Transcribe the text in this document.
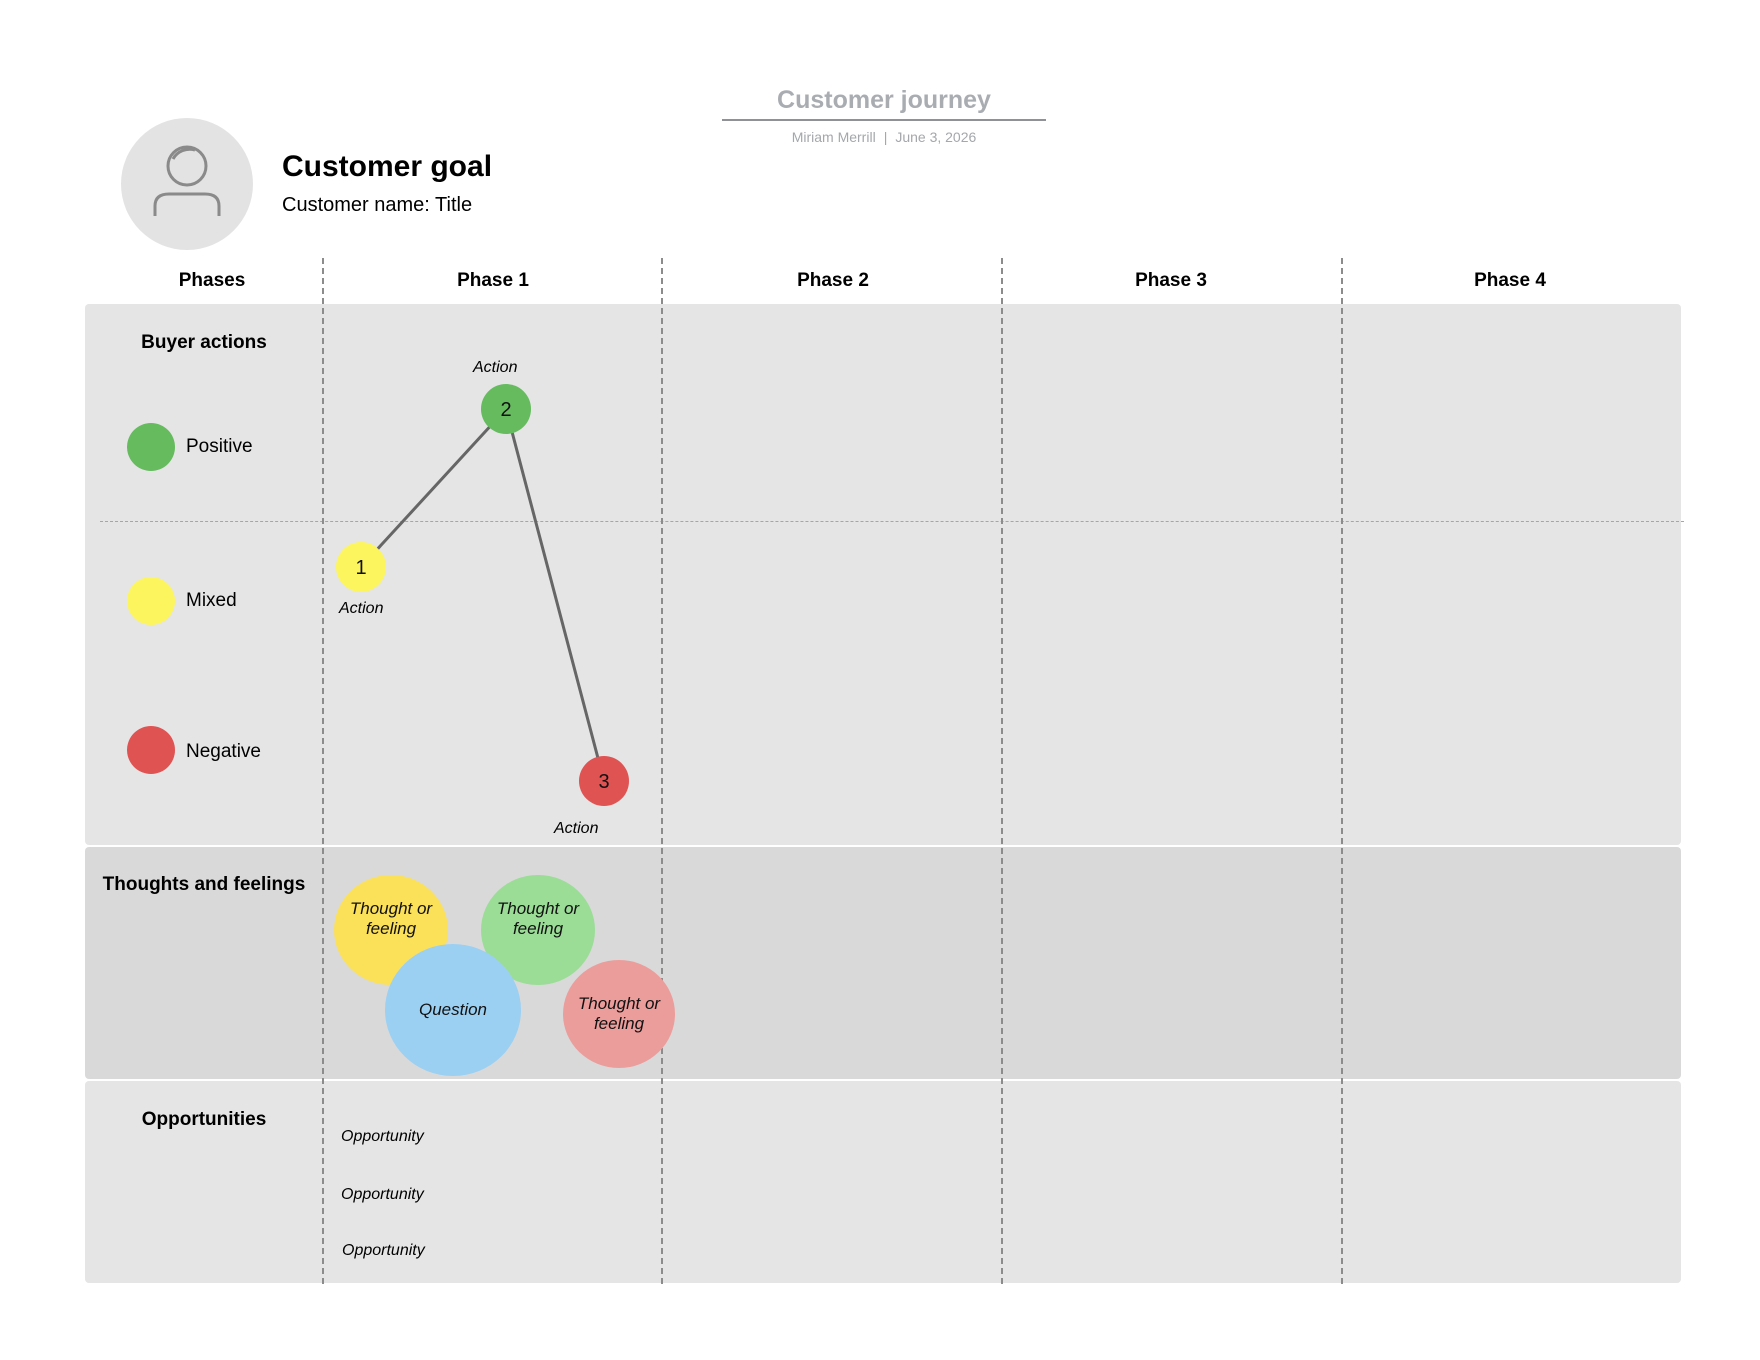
Customer journey
Miriam Merrill | June 3, 2026
Customer goal
Customer name: Title
Phases	Phase 1	Phase 2	Phase 3	Phase 4
Buyer actions
Thoughts and feelings
Opportunities
Positive
Mixed
Negative
1
2
3
Action
Action
Action
Thought or feeling
Thought or feeling
Question	Thought or feeling
Opportunity
Opportunity
Opportunity
